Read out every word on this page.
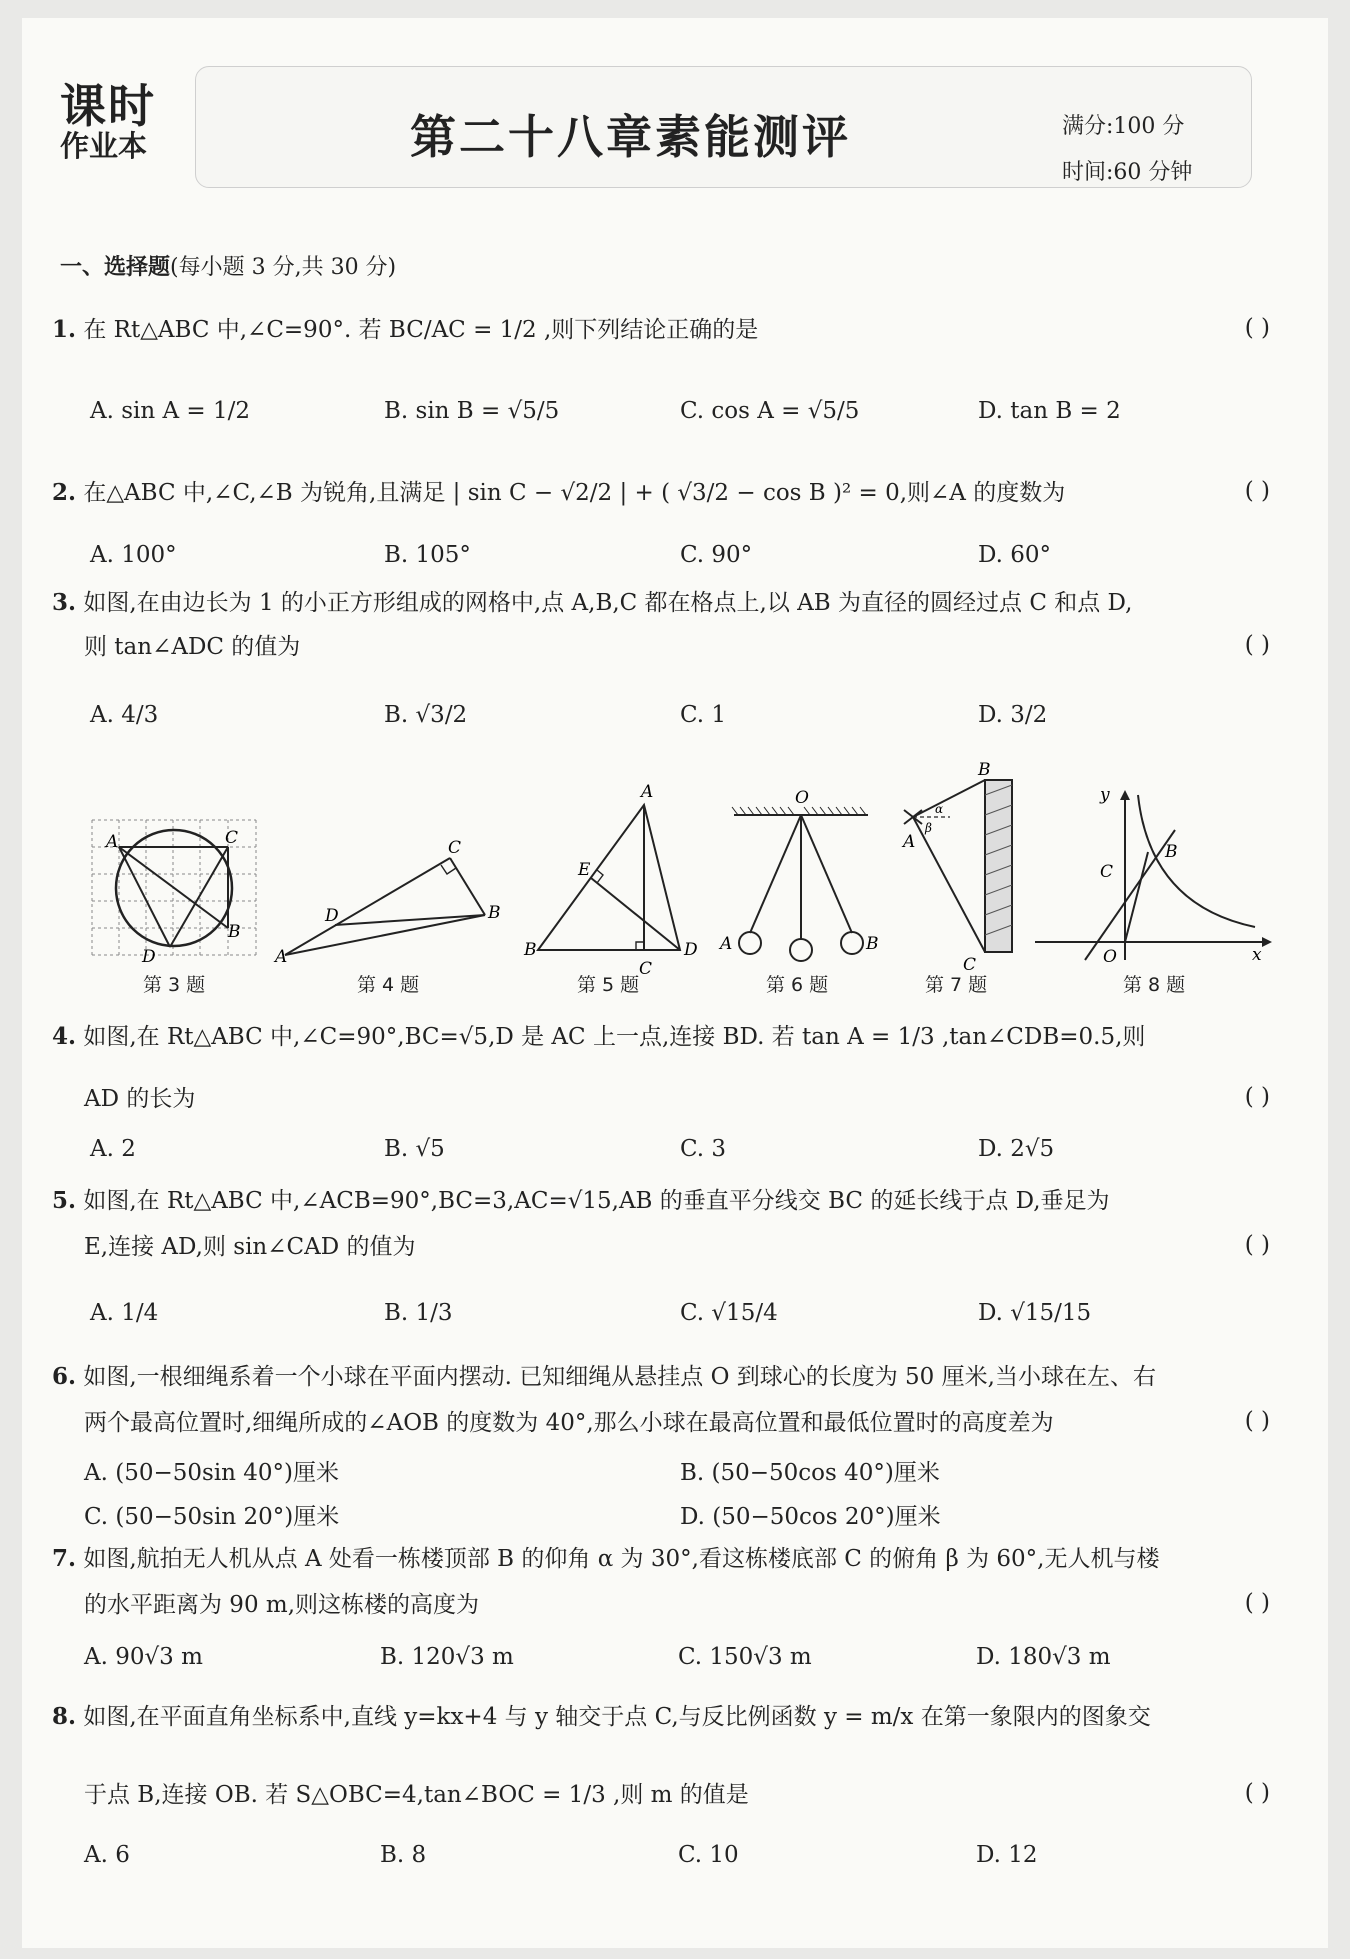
课时
作业本	第二十八章素能测评	满分:100 分
时间:60 分钟
一、选择题(每小题 3 分,共 30 分)
1. 在 Rt△ABC 中,∠C=90°. 若 BC/AC = 1/2 ,则下列结论正确的是	( )
A. sin A = 1/2	B. sin B = √5/5	C. cos A = √5/5	D. tan B = 2
2. 在△ABC 中,∠C,∠B 为锐角,且满足 | sin C − √2/2 | + ( √3/2 − cos B )² = 0,则∠A 的度数为	( )
A. 100°	B. 105°	C. 90°	D. 60°
3. 如图,在由边长为 1 的小正方形组成的网格中,点 A,B,C 都在格点上,以 AB 为直径的圆经过点 C 和点 D,
则 tan∠ADC 的值为	( )
A. 4/3	B. √3/2	C. 1	D. 3/2
A	C
B
D	A
D
C
B
A
E
B
C
D
O
A	B
B
A
C
α
β
y
x
O
B
C
第 3 题	第 4 题	第 5 题	第 6 题	第 7 题	第 8 题
4. 如图,在 Rt△ABC 中,∠C=90°,BC=√5,D 是 AC 上一点,连接 BD. 若 tan A = 1/3 ,tan∠CDB=0.5,则
AD 的长为	( )
A. 2	B. √5	C. 3	D. 2√5
5. 如图,在 Rt△ABC 中,∠ACB=90°,BC=3,AC=√15,AB 的垂直平分线交 BC 的延长线于点 D,垂足为
E,连接 AD,则 sin∠CAD 的值为	( )
A. 1/4	B. 1/3	C. √15/4	D. √15/15
6. 如图,一根细绳系着一个小球在平面内摆动. 已知细绳从悬挂点 O 到球心的长度为 50 厘米,当小球在左、右
两个最高位置时,细绳所成的∠AOB 的度数为 40°,那么小球在最高位置和最低位置时的高度差为	( )
A. (50−50sin 40°)厘米	B. (50−50cos 40°)厘米
C. (50−50sin 20°)厘米	D. (50−50cos 20°)厘米
7. 如图,航拍无人机从点 A 处看一栋楼顶部 B 的仰角 α 为 30°,看这栋楼底部 C 的俯角 β 为 60°,无人机与楼
的水平距离为 90 m,则这栋楼的高度为	( )
A. 90√3 m	B. 120√3 m	C. 150√3 m	D. 180√3 m
8. 如图,在平面直角坐标系中,直线 y=kx+4 与 y 轴交于点 C,与反比例函数 y = m/x 在第一象限内的图象交
于点 B,连接 OB. 若 S△OBC=4,tan∠BOC = 1/3 ,则 m 的值是	( )
A. 6	B. 8	C. 10	D. 12
